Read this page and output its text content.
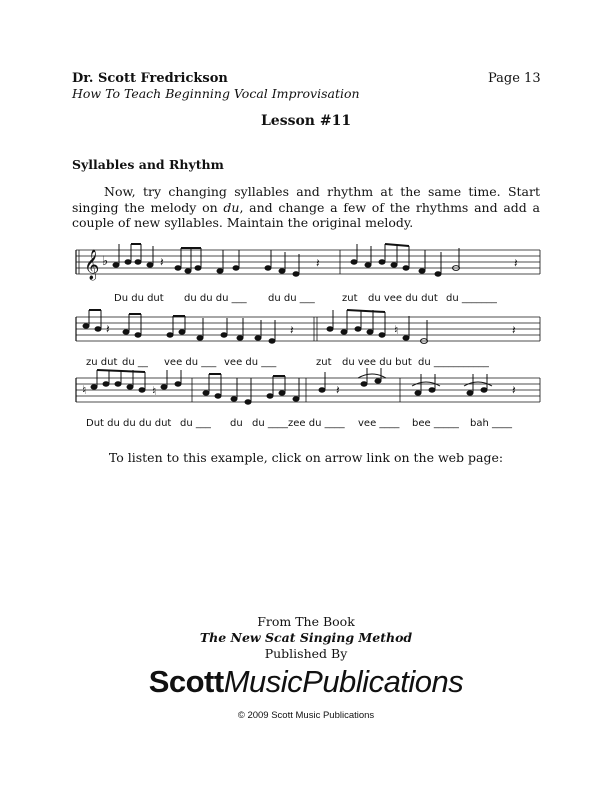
Dr. Scott Fredrickson	Page 13
How To Teach Beginning Vocal Improvisation
Lesson #11
Syllables and Rhythm

Now, try changing syllables and rhythm at the same time. Start singing the melody on du, and change a few of the rhythms and add a couple of new syllables. Maintain the original melody.

𝄞 ♭	𝄽	𝄽	𝄽
Du du dut du du du ___ du du ___	zut du vee du dut du _______
𝄽	𝄽	♮	𝄽
zu dut du __ vee du ___ vee du ___	zut du vee du but du ___________
♮	♮	𝄽	𝄽
Dut du du du dut du ___ du du ____ zee du ____ vee ____ bee _____ bah ____
To listen to this example, click on arrow link on the web page:
From The Book
The New Scat Singing Method
Published By
ScottMusicPublications
© 2009 Scott Music Publications
